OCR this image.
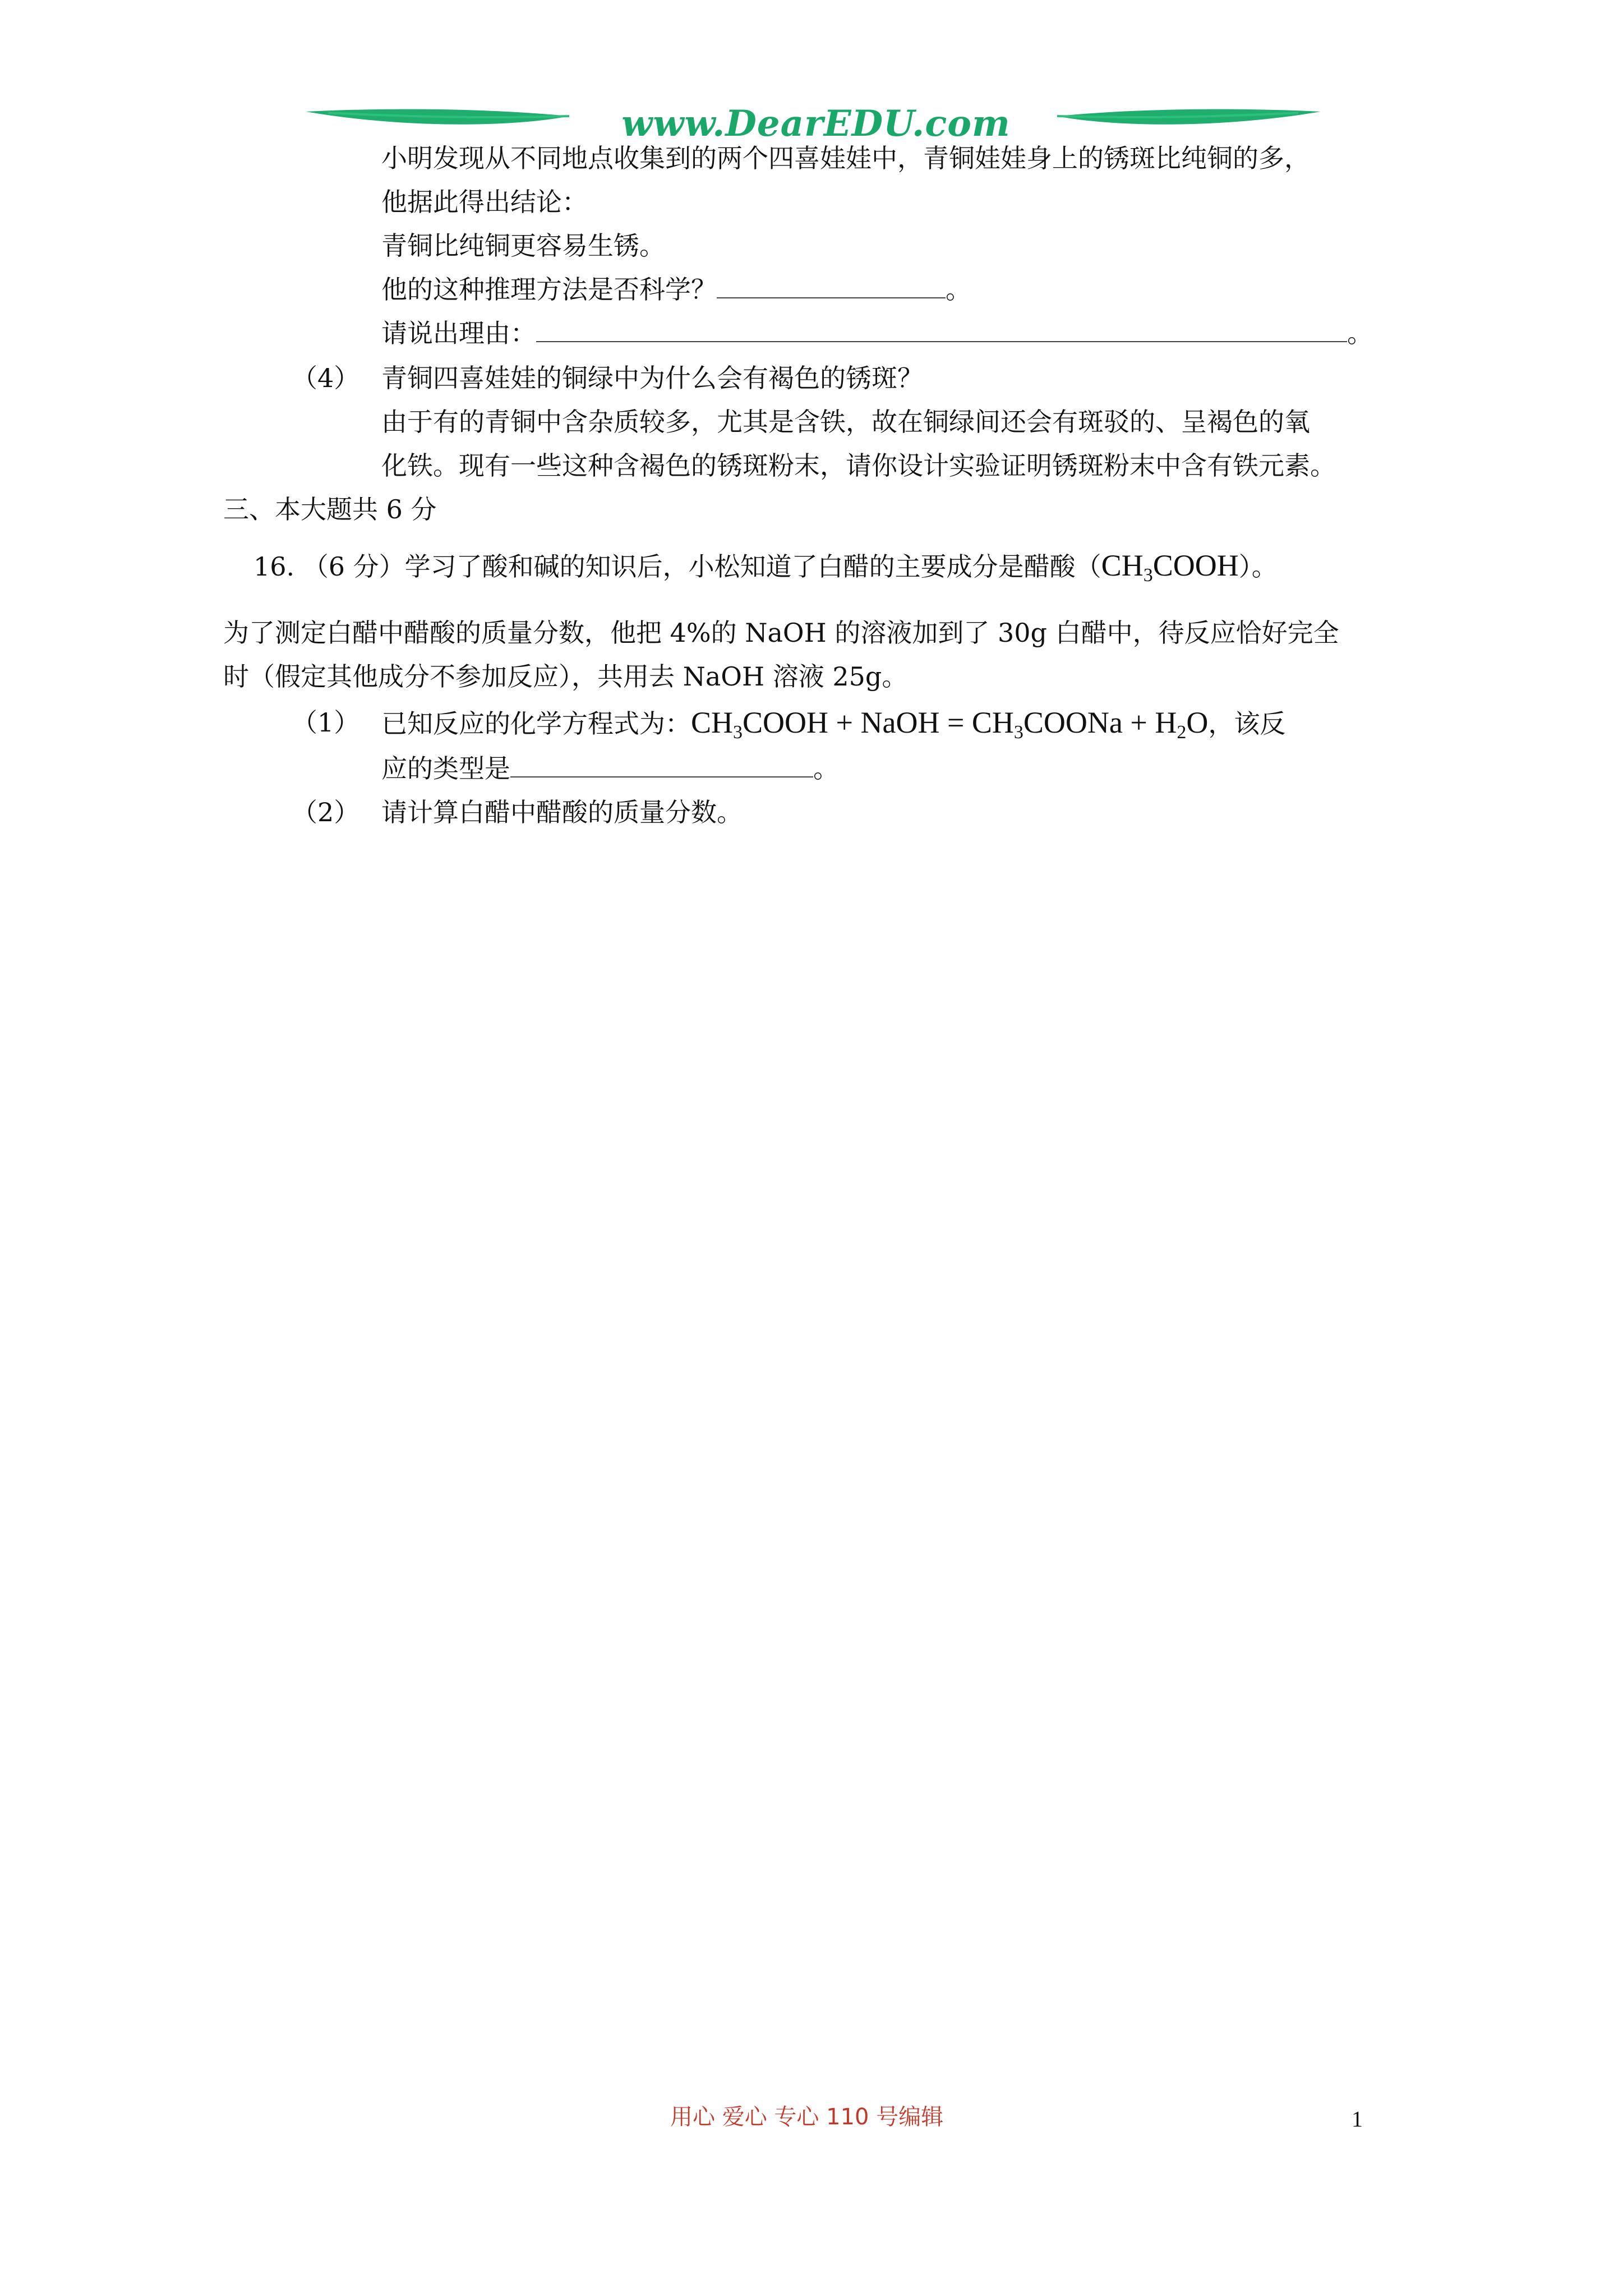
www.DearEDU.com
小明发现从不同地点收集到的两个四喜娃娃中，青铜娃娃身上的锈斑比纯铜的多，
他据此得出结论：
青铜比纯铜更容易生锈。
他的这种推理方法是否科学？	。
请说出理由：	。
（4） 青铜四喜娃娃的铜绿中为什么会有褐色的锈斑？
由于有的青铜中含杂质较多，尤其是含铁，故在铜绿间还会有斑驳的、呈褐色的氧
化铁。现有一些这种含褐色的锈斑粉末，请你设计实验证明锈斑粉末中含有铁元素。
三、本大题共 6 分
16. （6 分）学习了酸和碱的知识后，小松知道了白醋的主要成分是醋酸$(CH_3COOH)$。
为了测定白醋中醋酸的质量分数，他把 4%的 NaOH 的溶液加到了 30g 白醋中，待反应恰好完全
时（假定其他成分不参加反应），共用去 NaOH 溶液 25g。
（1） 已知反应的化学方程式为：$CH_3COOH$ + NaOH = $CH_3COONa + H_2O$，该反
应的类型是	。
（2） 请计算白醋中醋酸的质量分数。
用心 爱心 专心 110 号编辑	1
